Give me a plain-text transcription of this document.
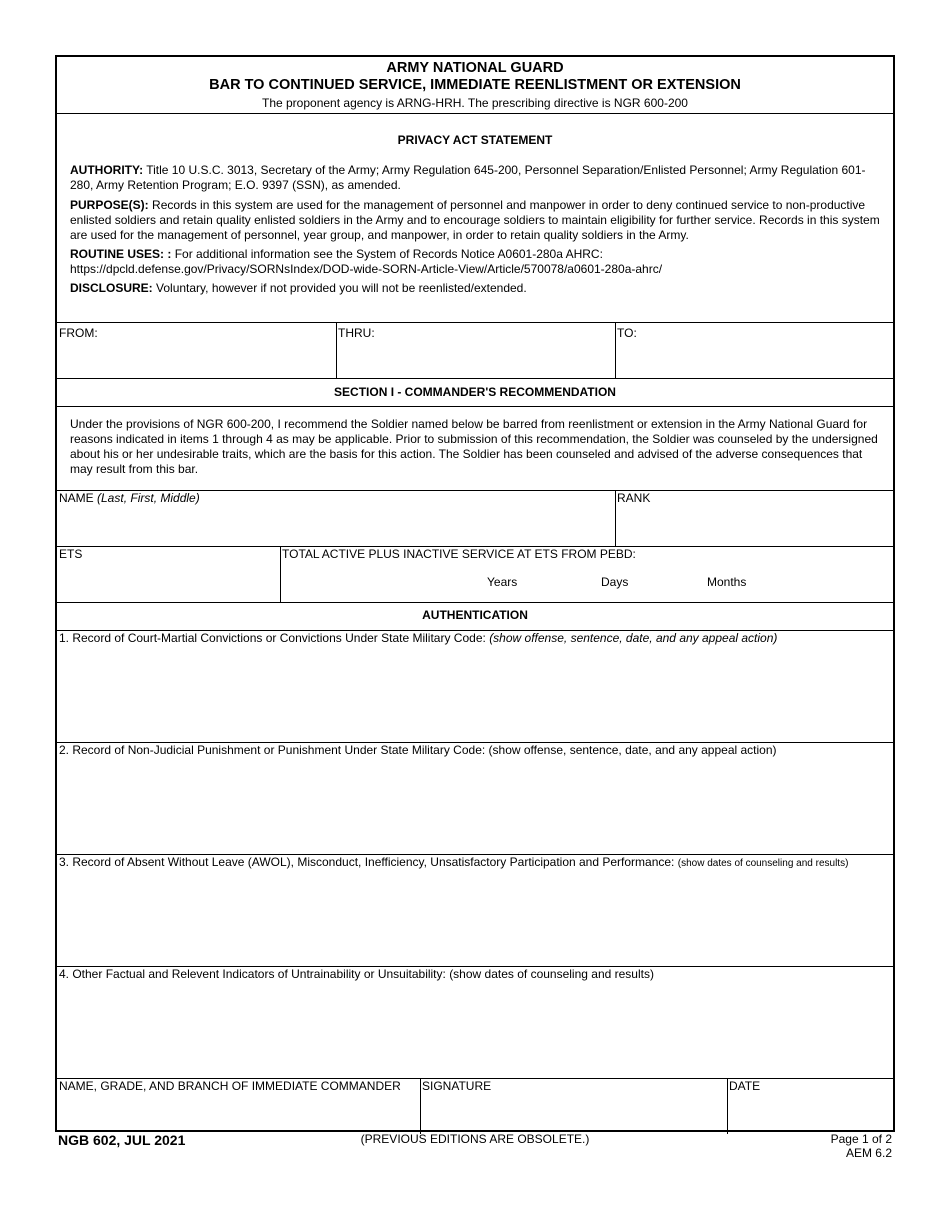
ARMY NATIONAL GUARD
BAR TO CONTINUED SERVICE, IMMEDIATE REENLISTMENT OR EXTENSION
The proponent agency is ARNG-HRH. The prescribing directive is NGR 600-200
PRIVACY ACT STATEMENT
AUTHORITY: Title 10 U.S.C. 3013, Secretary of the Army; Army Regulation 645-200, Personnel Separation/Enlisted Personnel; Army Regulation 601-280, Army Retention Program; E.O. 9397 (SSN), as amended.
PURPOSE(S): Records in this system are used for the management of personnel and manpower in order to deny continued service to non-productive enlisted soldiers and retain quality enlisted soldiers in the Army and to encourage soldiers to maintain eligibility for further service. Records in this system are used for the management of personnel, year group, and manpower, in order to retain quality soldiers in the Army.
ROUTINE USES: : For additional information see the System of Records Notice A0601-280a AHRC: https://dpcld.defense.gov/Privacy/SORNsIndex/DOD-wide-SORN-Article-View/Article/570078/a0601-280a-ahrc/
DISCLOSURE: Voluntary, however if not provided you will not be reenlisted/extended.
FROM:	THRU:	TO:
SECTION I - COMMANDER'S RECOMMENDATION
Under the provisions of NGR 600-200, I recommend the Soldier named below be barred from reenlistment or extension in the Army National Guard for reasons indicated in items 1 through 4 as may be applicable. Prior to submission of this recommendation, the Soldier was counseled by the undersigned about his or her undesirable traits, which are the basis for this action. The Soldier has been counseled and advised of the adverse consequences that may result from this bar.
NAME (Last, First, Middle)	RANK
ETS	TOTAL ACTIVE PLUS INACTIVE SERVICE AT ETS FROM PEBD:
Years	Days	Months
AUTHENTICATION
1. Record of Court-Martial Convictions or Convictions Under State Military Code: (show offense, sentence, date, and any appeal action)
2. Record of Non-Judicial Punishment or Punishment Under State Military Code: (show offense, sentence, date, and any appeal action)
3. Record of Absent Without Leave (AWOL), Misconduct, Inefficiency, Unsatisfactory Participation and Performance: (show dates of counseling and results)
4. Other Factual and Relevent Indicators of Untrainability or Unsuitability: (show dates of counseling and results)
NAME, GRADE, AND BRANCH OF IMMEDIATE COMMANDER	SIGNATURE	DATE
NGB 602, JUL 2021	(PREVIOUS EDITIONS ARE OBSOLETE.)	Page 1 of 2
AEM 6.2
